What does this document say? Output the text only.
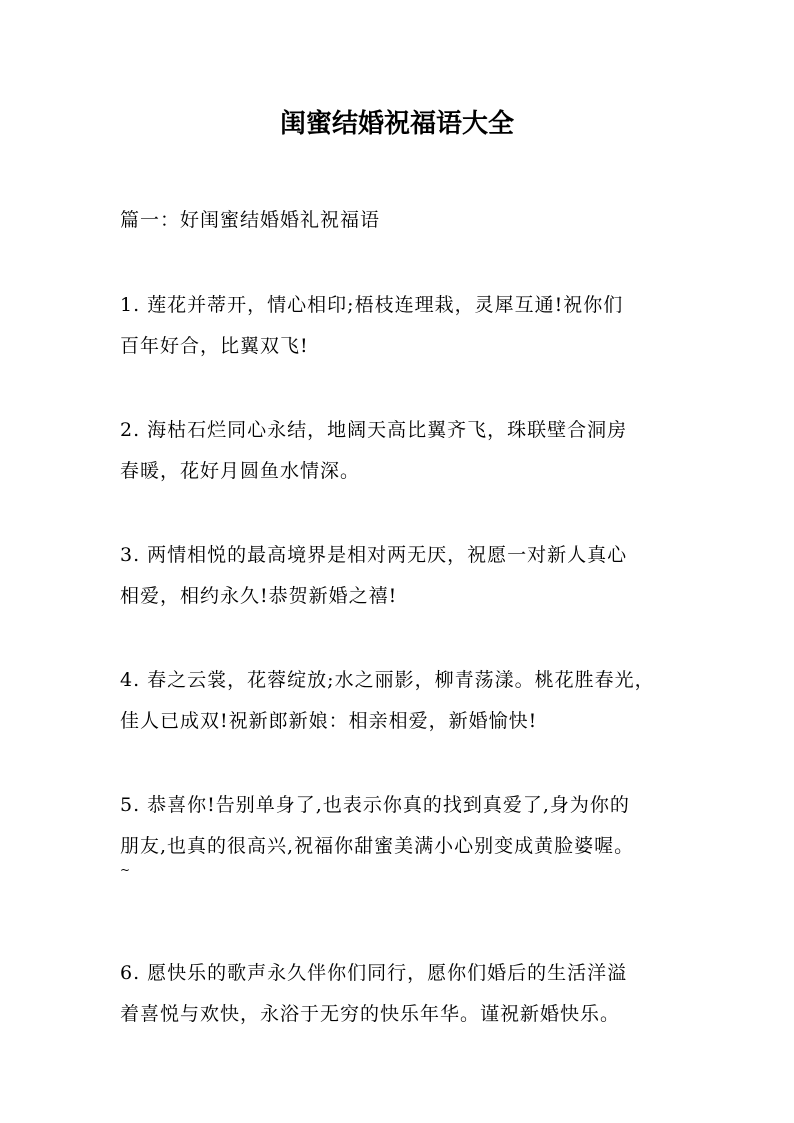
闺蜜结婚祝福语大全

篇一：好闺蜜结婚婚礼祝福语

1. 莲花并蒂开，情心相印;梧枝连理栽，灵犀互通!祝你们
百年好合，比翼双飞!

2. 海枯石烂同心永结，地阔天高比翼齐飞，珠联壁合洞房
春暖，花好月圆鱼水情深。

3. 两情相悦的最高境界是相对两无厌，祝愿一对新人真心
相爱，相约永久!恭贺新婚之禧!

4. 春之云裳，花蓉绽放;水之丽影，柳青荡漾。桃花胜春光，
佳人已成双!祝新郎新娘：相亲相爱，新婚愉快!

5. 恭喜你!告别单身了,也表示你真的找到真爱了,身为你的
朋友,也真的很高兴,祝福你甜蜜美满小心别变成黄脸婆喔。
~

6. 愿快乐的歌声永久伴你们同行，愿你们婚后的生活洋溢
着喜悦与欢快，永浴于无穷的快乐年华。谨祝新婚快乐。
